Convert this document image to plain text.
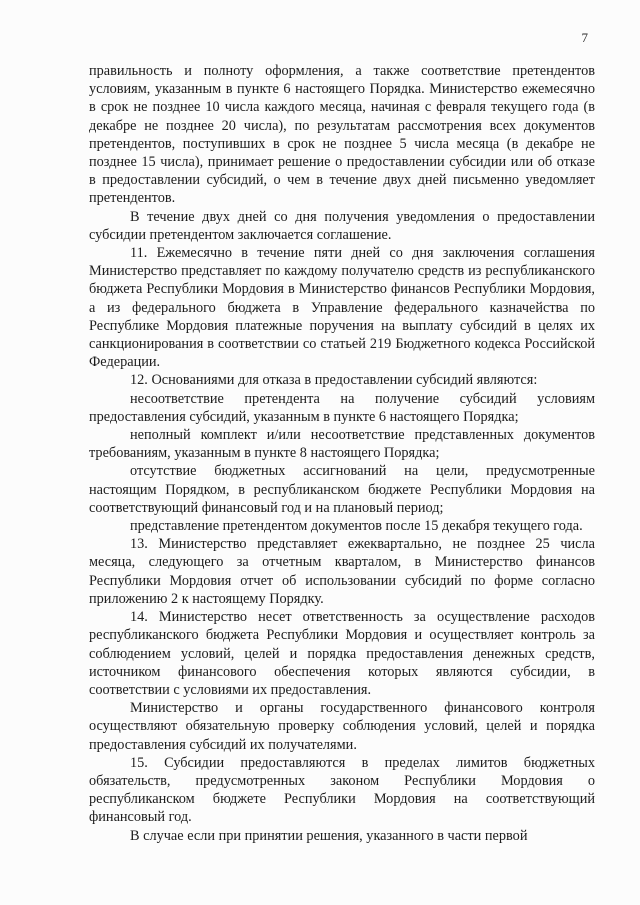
7

правильность и полноту оформления, а также соответствие претендентов условиям, указанным в пункте 6 настоящего Порядка. Министерство ежемесячно в срок не позднее 10 числа каждого месяца, начиная с февраля текущего года (в декабре не позднее 20 числа), по результатам рассмотрения всех документов претендентов, поступивших в срок не позднее 5 числа месяца (в декабре не позднее 15 числа), принимает решение о предоставлении субсидии или об отказе в предоставлении субсидий, о чем в течение двух дней письменно уведомляет претендентов.

В течение двух дней со дня получения уведомления о предоставлении субсидии претендентом заключается соглашение.

11. Ежемесячно в течение пяти дней со дня заключения соглашения Министерство представляет по каждому получателю средств из республиканского бюджета Республики Мордовия в Министерство финансов Республики Мордовия, а из федерального бюджета в Управление федерального казначейства по Республике Мордовия платежные поручения на выплату субсидий в целях их санкционирования в соответствии со статьей 219 Бюджетного кодекса Российской Федерации.

12. Основаниями для отказа в предоставлении субсидий являются:

несоответствие претендента на получение субсидий условиям предоставления субсидий, указанным в пункте 6 настоящего Порядка;

неполный комплект и/или несоответствие представленных документов требованиям, указанным в пункте 8 настоящего Порядка;

отсутствие бюджетных ассигнований на цели, предусмотренные настоящим Порядком, в республиканском бюджете Республики Мордовия на соответствующий финансовый год и на плановый период;

представление претендентом документов после 15 декабря текущего года.

13. Министерство представляет ежеквартально, не позднее 25 числа месяца, следующего за отчетным кварталом, в Министерство финансов Республики Мордовия отчет об использовании субсидий по форме согласно приложению 2 к настоящему Порядку.

14. Министерство несет ответственность за осуществление расходов республиканского бюджета Республики Мордовия и осуществляет контроль за соблюдением условий, целей и порядка предоставления денежных средств, источником финансового обеспечения которых являются субсидии, в соответствии с условиями их предоставления.

Министерство и органы государственного финансового контроля осуществляют обязательную проверку соблюдения условий, целей и порядка предоставления субсидий их получателями.

15. Субсидии предоставляются в пределах лимитов бюджетных обязательств, предусмотренных законом Республики Мордовия о республиканском бюджете Республики Мордовия на соответствующий финансовый год.

В случае если при принятии решения, указанного в части первой
